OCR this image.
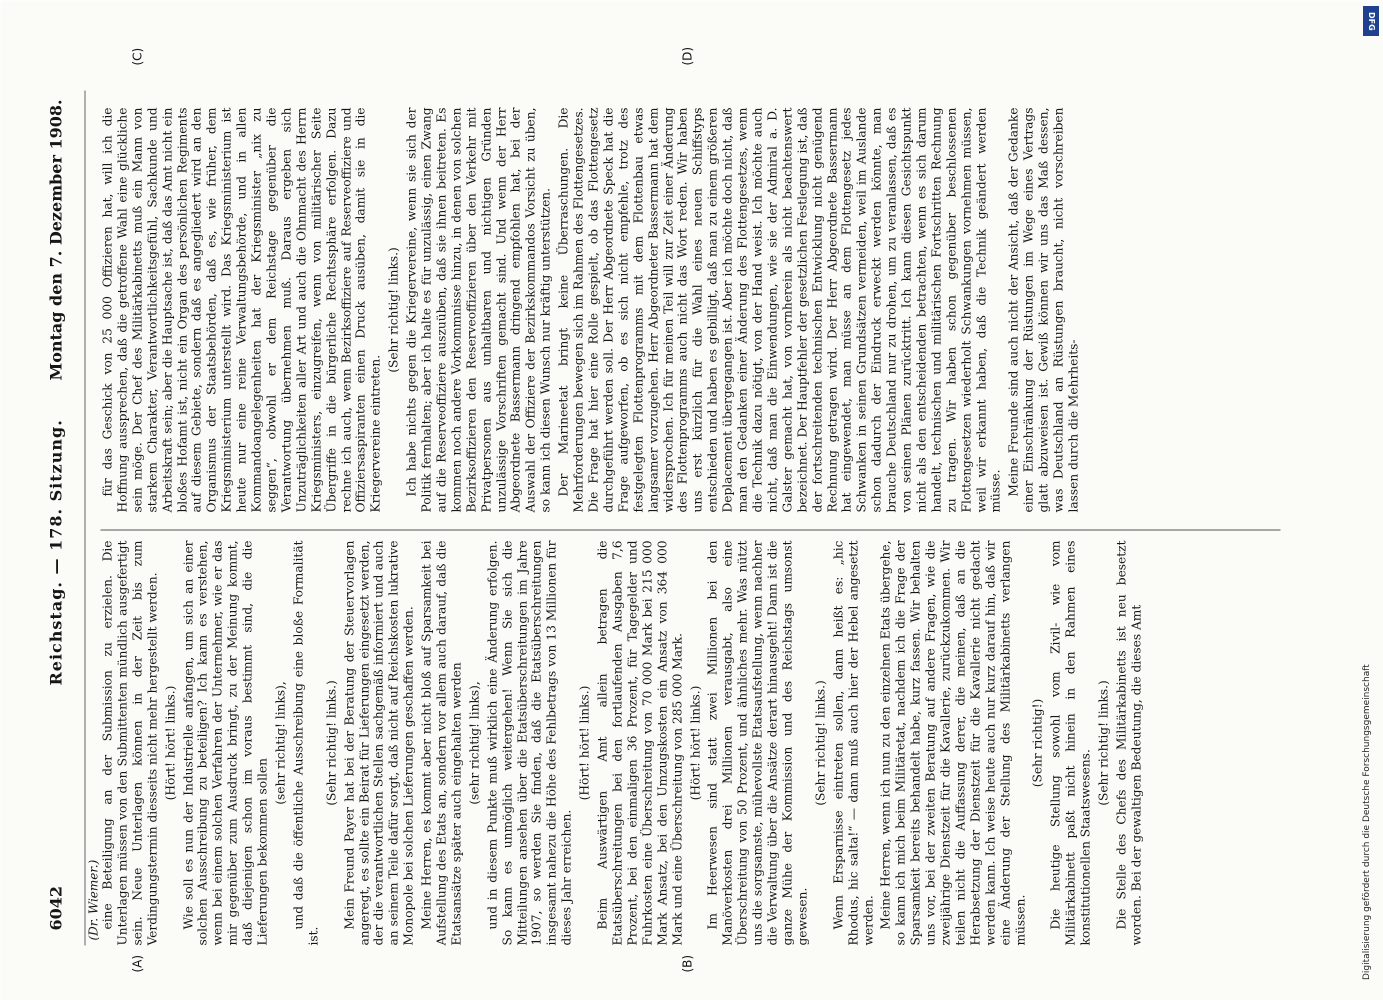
6042
Reichstag. — 178. Sitzung.
Montag den 7. Dezember 1908.
(Dr. Wiemer.)
(A)	(B)
(C)	(D)

eine Beteiligung an der Submission zu erzielen. Die Unterlagen müssen von den Submittenten mündlich ausgefertigt sein. Neue Unterlagen können in der Zeit bis zum Verdingungstermin diesseits nicht mehr hergestellt werden. (Hört! hört! links.) Wie soll es nun der Industrielle anfangen, um sich an einer solchen Ausschreibung zu beteiligen? Ich kann es verstehen, wenn bei einem solchen Verfahren der Unternehmer, wie er das mir gegenüber zum Ausdruck bringt, zu der Meinung kommt, daß diejenigen schon im voraus bestimmt sind, die die Lieferungen bekommen sollen

(sehr richtig! links), und daß die öffentliche Ausschreibung eine bloße Formalität ist.

(Sehr richtig! links.) Mein Freund Payer hat bei der Beratung der Steuervorlagen angeregt, es sollte ein Beirat für Lieferungen eingesetzt werden, der die verantwortlichen Stellen sachgemäß informiert und auch an seinem Teile dafür sorgt, daß nicht auf Reichskosten lukrative Monopole bei solchen Lieferungen geschaffen werden. Meine Herren, es kommt aber nicht bloß auf Sparsamkeit bei Aufstellung des Etats an, sondern vor allem auch darauf, daß die Etatsansätze später auch eingehalten werden (sehr richtig! links), und in diesem Punkte muß wirklich eine Änderung erfolgen. So kann es unmöglich weitergehen! Wenn Sie sich die Mitteilungen ansehen über die Etatsüberschreitungen im Jahre 1907, so werden Sie finden, daß die Etatsüberschreitungen insgesamt nahezu die Höhe des Fehlbetrags von 13 Millionen für dieses Jahr erreichen.

(Hört! hört! links.) Beim Auswärtigen Amt allein betragen die Etatsüberschreitungen bei den fortlaufenden Ausgaben 7,6 Prozent, bei den einmaligen 36 Prozent, für Tagegelder und Fuhrkosten eine Überschreitung von 70 000 Mark bei 215 000 Mark Ansatz, bei den Umzugskosten ein Ansatz von 364 000 Mark und eine Überschreitung von 285 000 Mark. (Hört! hört! links.) Im Heerwesen sind statt zwei Millionen bei den Manöverkosten drei Millionen verausgabt, also eine Überschreitung von 50 Prozent, und ähnliches mehr. Was nützt uns die sorgsamste, mühevollste Etatsaufstellung, wenn nachher die Verwaltung über die Ansätze derart hinausgeht! Dann ist die ganze Mühe der Kommission und des Reichstags umsonst gewesen.

(Sehr richtig! links.) Wenn Ersparnisse eintreten sollen, dann heißt es: „hic Rhodus, hic salta!“ — dann muß auch hier der Hebel angesetzt werden. Meine Herren, wenn ich nun zu den einzelnen Etats übergehe, so kann ich mich beim Militäretat, nachdem ich die Frage der Sparsamkeit bereits behandelt habe, kurz fassen. Wir behalten uns vor, bei der zweiten Beratung auf andere Fragen, wie die zweijährige Dienstzeit für die Kavallerie, zurückzukommen. Wir teilen nicht die Auffassung derer, die meinen, daß an die Herabsetzung der Dienstzeit für die Kavallerie nicht gedacht werden kann. Ich weise heute auch nur kurz darauf hin, daß wir eine Änderung der Stellung des Militärkabinetts verlangen müssen.

(Sehr richtig!) Die heutige Stellung sowohl vom Zivil- wie vom Militärkabinett paßt nicht hinein in den Rahmen eines konstitutionellen Staatswesens.

(Sehr richtig! links.) Die Stelle des Chefs des Militärkabinetts ist neu besetzt worden. Bei der gewaltigen Bedeutung, die dieses Amt

für das Geschick von 25 000 Offizieren hat, will ich die Hoffnung aussprechen, daß die getroffene Wahl eine glückliche sein möge. Der Chef des Militärkabinetts muß ein Mann von starkem Charakter, Verantwortlichkeitsgefühl, Sachkunde und Arbeitskraft sein; aber die Hauptsache ist, daß das Amt nicht ein bloßes Hofamt ist, nicht ein Organ des persönlichen Regiments auf diesem Gebiete, sondern daß es angegliedert wird an den Organismus der Staatsbehörden, daß es, wie früher, dem Kriegsministerium unterstellt wird. Das Kriegsministerium ist heute nur eine reine Verwaltungsbehörde, und in allen Kommandoangelegenheiten hat der Kriegsminister „nix zu seggen“, obwohl er dem Reichstage gegenüber die Verantwortung übernehmen muß. Daraus ergeben sich Unzuträglichkeiten aller Art und auch die Ohnmacht des Herrn Kriegsministers, einzugreifen, wenn von militärischer Seite Übergriffe in die bürgerliche Rechtssphäre erfolgen. Dazu rechne ich auch, wenn Bezirksoffiziere auf Reserveoffiziere und Offiziersaspiranten einen Druck ausüben, damit sie in die Kriegervereine eintreten.

(Sehr richtig! links.) Ich habe nichts gegen die Kriegervereine, wenn sie sich der Politik fernhalten; aber ich halte es für unzulässig, einen Zwang auf die Reserveoffiziere auszuüben, daß sie ihnen beitreten. Es kommen noch andere Vorkommnisse hinzu, in denen von solchen Bezirksoffizieren den Reserveoffizieren über den Verkehr mit Privatpersonen aus unhaltbaren und nichtigen Gründen unzulässige Vorschriften gemacht sind. Und wenn der Herr Abgeordnete Bassermann dringend empfohlen hat, bei der Auswahl der Offiziere der Bezirkskommandos Vorsicht zu üben, so kann ich diesen Wunsch nur kräftig unterstützen. Der Marineetat bringt keine Überraschungen. Die Mehrforderungen bewegen sich im Rahmen des Flottengesetzes. Die Frage hat hier eine Rolle gespielt, ob das Flottengesetz durchgeführt werden soll. Der Herr Abgeordnete Speck hat die Frage aufgeworfen, ob es sich nicht empfehle, trotz des festgelegten Flottenprogramms mit dem Flottenbau etwas langsamer vorzugehen. Herr Abgeordneter Bassermann hat dem widersprochen. Ich für meinen Teil will zur Zeit einer Änderung des Flottenprogramms auch nicht das Wort reden. Wir haben uns erst kürzlich für die Wahl eines neuen Schiffstyps entschieden und haben es gebilligt, daß man zu einem größeren Deplacement übergegangen ist. Aber ich möchte doch nicht, daß man den Gedanken einer Änderung des Flottengesetzes, wenn die Technik dazu nötigt, von der Hand weist. Ich möchte auch nicht, daß man die Einwendungen, wie sie der Admiral a. D. Galster gemacht hat, von vornherein als nicht beachtenswert bezeichnet. Der Hauptfehler der gesetzlichen Festlegung ist, daß der fortschreitenden technischen Entwicklung nicht genügend Rechnung getragen wird. Der Herr Abgeordnete Bassermann hat eingewendet, man müsse an dem Flottengesetz jedes Schwanken in seinen Grundsätzen vermeiden, weil im Auslande schon dadurch der Eindruck erweckt werden könnte, man brauche Deutschland nur zu drohen, um zu veranlassen, daß es von seinen Plänen zurücktritt. Ich kann diesen Gesichtspunkt nicht als den entscheidenden betrachten, wenn es sich darum handelt, technischen und militärischen Fortschritten Rechnung zu tragen. Wir haben schon gegenüber beschlossenen Flottengesetzen wiederholt Schwankungen vornehmen müssen, weil wir erkannt haben, daß die Technik geändert werden müsse. Meine Freunde sind auch nicht der Ansicht, daß der Gedanke einer Einschränkung der Rüstungen im Wege eines Vertrags glatt abzuweisen ist. Gewiß können wir uns das Maß dessen, was Deutschland an Rüstungen braucht, nicht vorschreiben lassen durch die Mehrheits-

DFG
Digitalisierung gefördert durch die Deutsche Forschungsgemeinschaft
